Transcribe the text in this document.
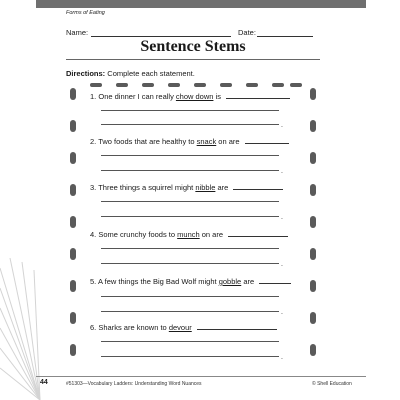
Forms of Eating
Name:	Date:
Sentence Stems
Directions: Complete each statement.
1. One dinner I can really chow down is
.
2. Two foods that are healthy to snack on are
.
3. Three things a squirrel might nibble are
.
4. Some crunchy foods to munch on are
.
5. A few things the Big Bad Wolf might gobble are
.
6. Sharks are known to devour
.
44	#51303—Vocabulary Ladders: Understanding Word Nuances	© Shell Education
